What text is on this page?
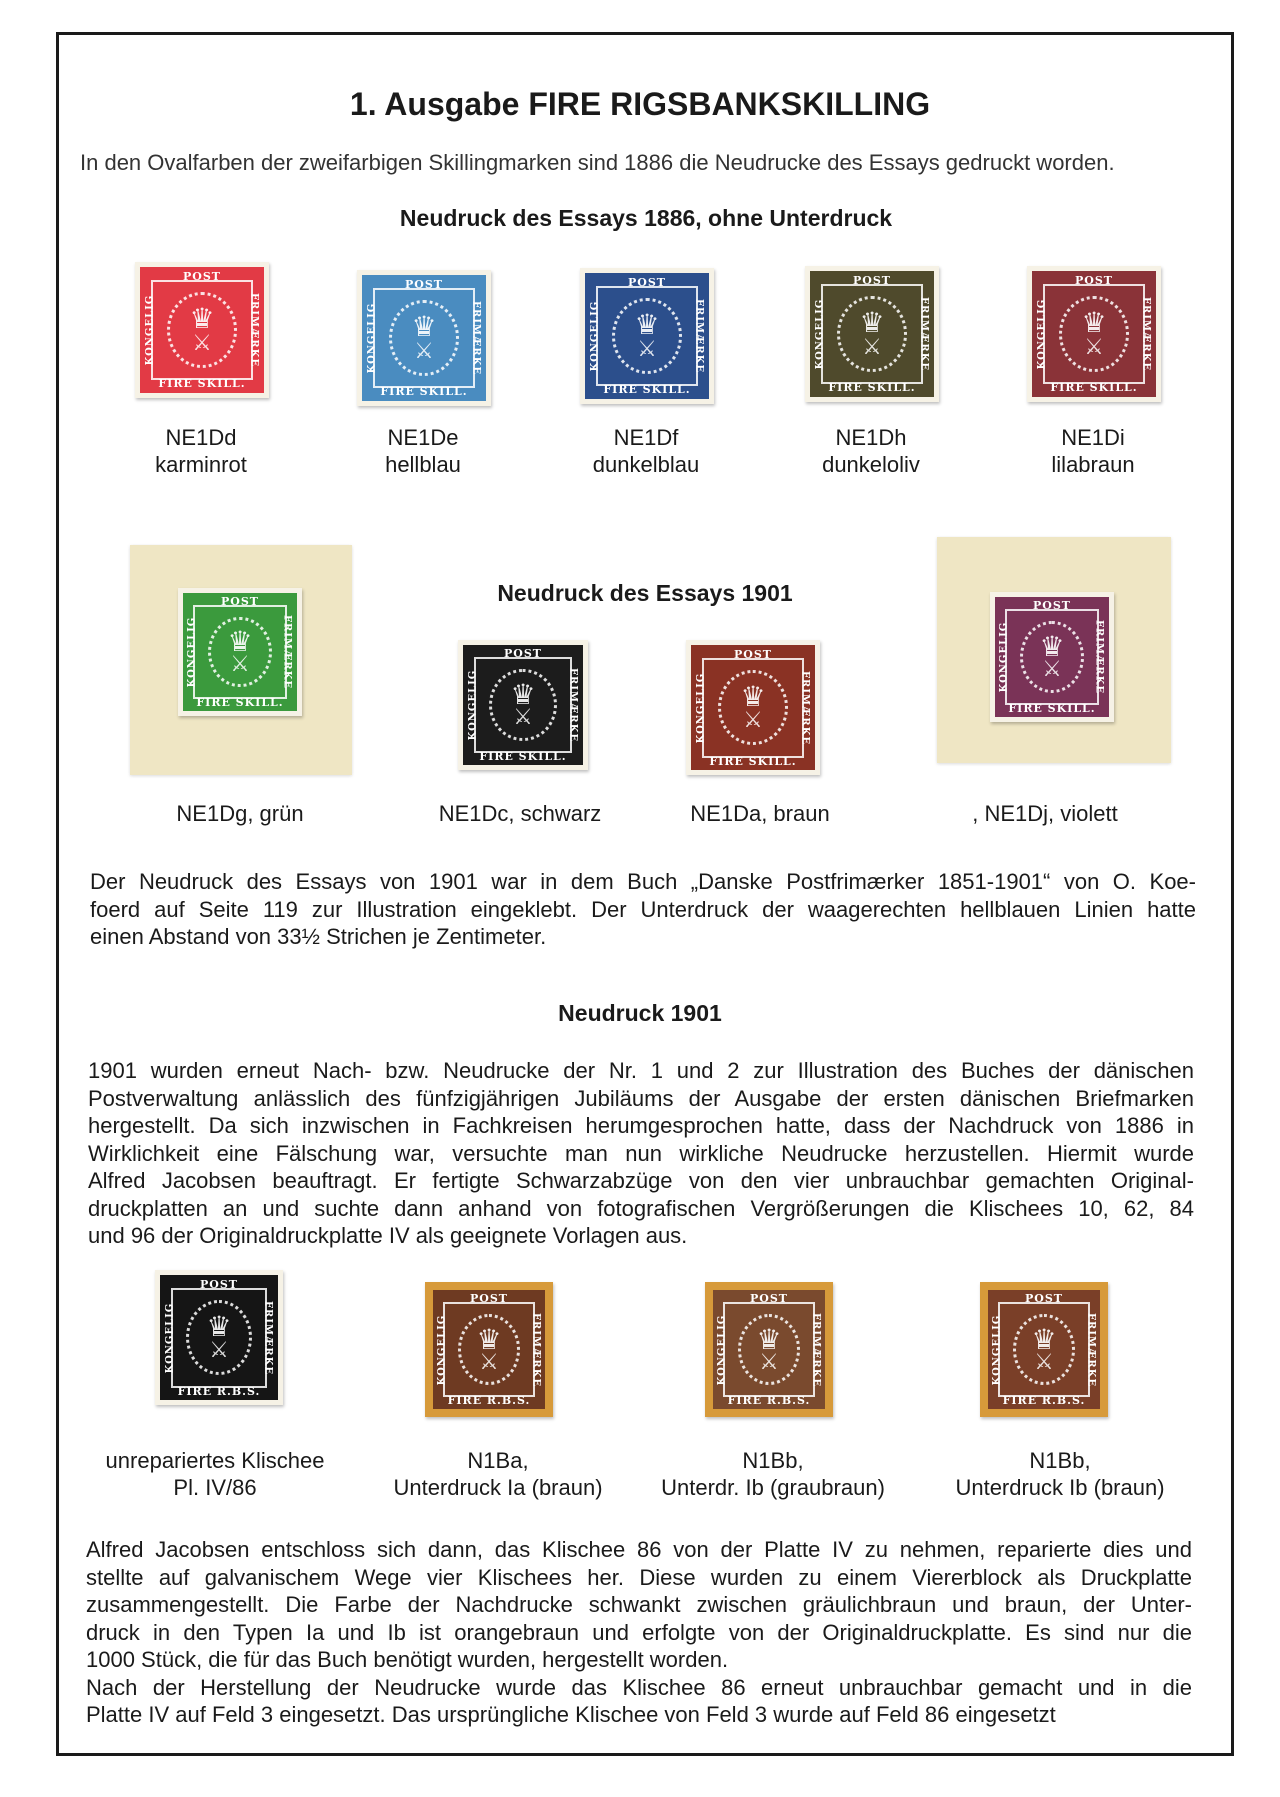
1. Ausgabe FIRE RIGSBANKSKILLING
In den Ovalfarben der zweifarbigen Skillingmarken sind 1886 die Neudrucke des Essays gedruckt worden.
Neudruck des Essays 1886, ohne Unterdruck
♛
⚔
POST
FIRE SKILL.
KONGELIG	FRIMÆRKE
NE1Dd
karminrot
♛
⚔
POST
FIRE SKILL.
KONGELIG	FRIMÆRKE
NE1De
hellblau
♛
⚔
POST
FIRE SKILL.
KONGELIG	FRIMÆRKE
NE1Df
dunkelblau
♛
⚔
POST
FIRE SKILL.
KONGELIG	FRIMÆRKE
NE1Dh
dunkeloliv
♛
⚔
POST
FIRE SKILL.
KONGELIG	FRIMÆRKE
NE1Di
lilabraun
Neudruck des Essays 1901
♛
⚔
POST
FIRE SKILL.
KONGELIG	FRIMÆRKE
♛
⚔
POST
FIRE SKILL.
KONGELIG	FRIMÆRKE	♛
⚔
POST
FIRE SKILL.
KONGELIG	FRIMÆRKE
♛
⚔
POST
FIRE SKILL.
KONGELIG	FRIMÆRKE
NE1Dg, grün	NE1Dc, schwarz	NE1Da, braun	, NE1Dj, violett
Der Neudruck des Essays von 1901 war in dem Buch „Danske Postfrimærker 1851-1901“ von O. Koe-
foerd auf Seite 119 zur Illustration eingeklebt. Der Unterdruck der waagerechten hellblauen Linien hatte
einen Abstand von 33½ Strichen je Zentimeter.
Neudruck 1901
1901 wurden erneut Nach- bzw. Neudrucke der Nr. 1 und 2 zur Illustration des Buches der dänischen
Postverwaltung anlässlich des fünfzigjährigen Jubiläums der Ausgabe der ersten dänischen Briefmarken
hergestellt. Da sich inzwischen in Fachkreisen herumgesprochen hatte, dass der Nachdruck von 1886 in
Wirklichkeit eine Fälschung war, versuchte man nun wirkliche Neudrucke herzustellen. Hiermit wurde
Alfred Jacobsen beauftragt. Er fertigte Schwarzabzüge von den vier unbrauchbar gemachten Original-
druckplatten an und suchte dann anhand von fotografischen Vergrößerungen die Klischees 10, 62, 84
und 96 der Originaldruckplatte IV als geeignete Vorlagen aus.
♛
⚔
POST
FIRE R.B.S.
KONGELIG	FRIMÆRKE
unrepariertes Klischee
Pl. IV/86
♛
⚔
POST
FIRE R.B.S.
KONGELIG	FRIMÆRKE
N1Ba,
Unterdruck Ia (braun)
♛
⚔
POST
FIRE R.B.S.
KONGELIG	FRIMÆRKE
N1Bb,
Unterdr. Ib (graubraun)
♛
⚔
POST
FIRE R.B.S.
KONGELIG	FRIMÆRKE
N1Bb,
Unterdruck Ib (braun)
Alfred Jacobsen entschloss sich dann, das Klischee 86 von der Platte IV zu nehmen, reparierte dies und
stellte auf galvanischem Wege vier Klischees her. Diese wurden zu einem Viererblock als Druckplatte
zusammengestellt. Die Farbe der Nachdrucke schwankt zwischen gräulichbraun und braun, der Unter-
druck in den Typen Ia und Ib ist orangebraun und erfolgte von der Originaldruckplatte. Es sind nur die
1000 Stück, die für das Buch benötigt wurden, hergestellt worden.
Nach der Herstellung der Neudrucke wurde das Klischee 86 erneut unbrauchbar gemacht und in die
Platte IV auf Feld 3 eingesetzt. Das ursprüngliche Klischee von Feld 3 wurde auf Feld 86 eingesetzt
